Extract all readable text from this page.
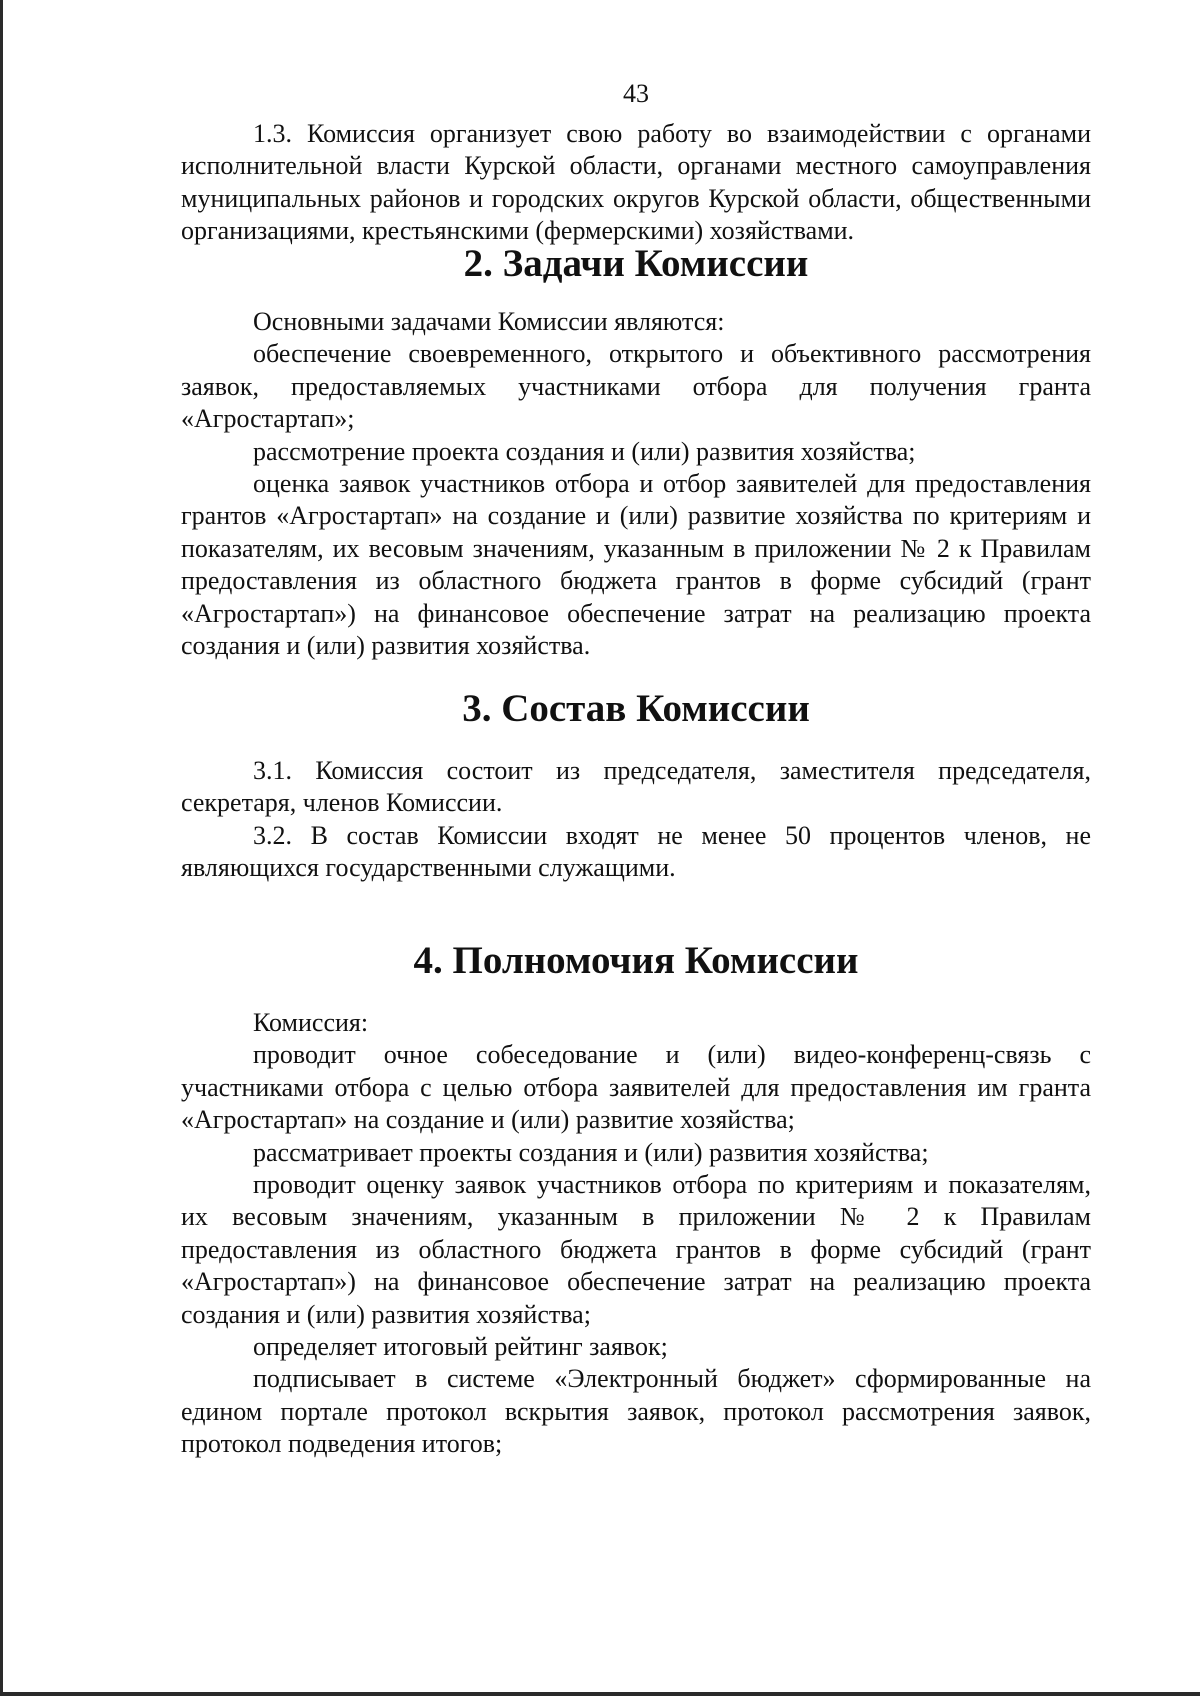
43

1.3. Комиссия организует свою работу во взаимодействии с органами исполнительной власти Курской области, органами местного самоуправления муниципальных районов и городских округов Курской области, общественными организациями, крестьянскими (фермерскими) хозяйствами.

2. Задачи Комиссии

Основными задачами Комиссии являются:

обеспечение своевременного, открытого и объективного рассмотрения заявок, предоставляемых участниками отбора для получения гранта «Агростартап»;

рассмотрение проекта создания и (или) развития хозяйства;

оценка заявок участников отбора и отбор заявителей для предоставления грантов «Агростартап» на создание и (или) развитие хозяйства по критериям и показателям, их весовым значениям, указанным в приложении № 2 к Правилам предоставления из областного бюджета грантов в форме субсидий (грант «Агростартап») на финансовое обеспечение затрат на реализацию проекта создания и (или) развития хозяйства.

3. Состав Комиссии

3.1. Комиссия состоит из председателя, заместителя председателя, секретаря, членов Комиссии.

3.2. В состав Комиссии входят не менее 50 процентов членов, не являющихся государственными служащими.

4. Полномочия Комиссии

Комиссия:

проводит очное собеседование и (или) видео-конференц-связь с участниками отбора с целью отбора заявителей для предоставления им гранта «Агростартап» на создание и (или) развитие хозяйства;

рассматривает проекты создания и (или) развития хозяйства;

проводит оценку заявок участников отбора по критериям и показателям, их весовым значениям, указанным в приложении № 2 к Правилам предоставления из областного бюджета грантов в форме субсидий (грант «Агростартап») на финансовое обеспечение затрат на реализацию проекта создания и (или) развития хозяйства;

определяет итоговый рейтинг заявок;

подписывает в системе «Электронный бюджет» сформированные на едином портале протокол вскрытия заявок, протокол рассмотрения заявок, протокол подведения итогов;
